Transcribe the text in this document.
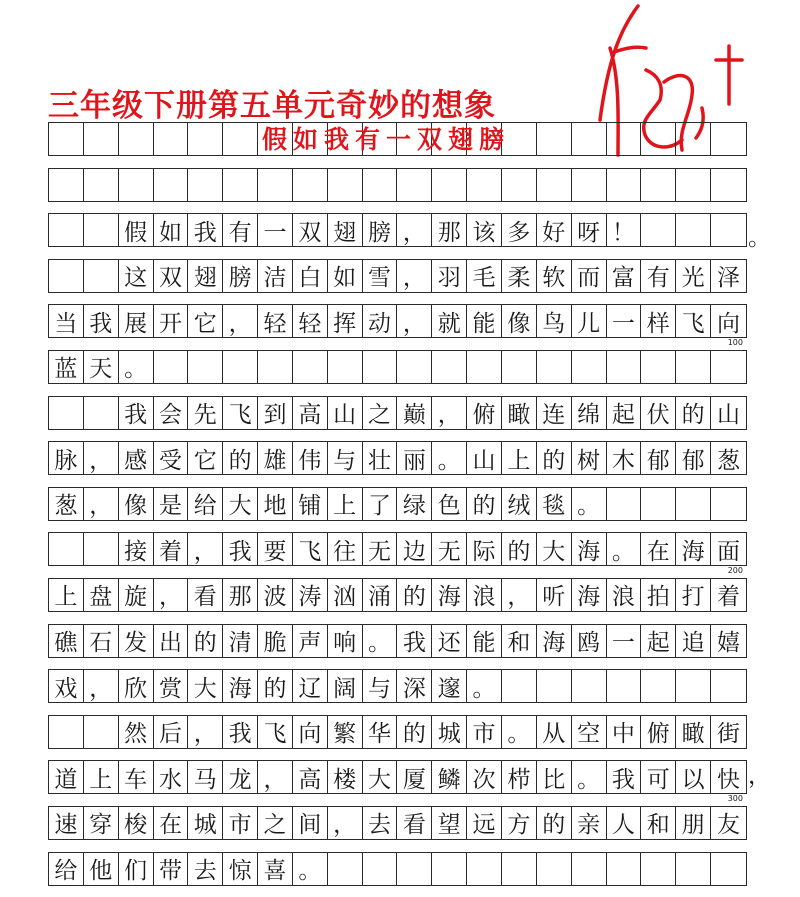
三年级下册第五单元奇妙的想象
假 如 我 有 一 双 翅 膀 ， 那 该 多 好 呀 ！
这 双 翅 膀 洁 白 如 雪 ， 羽 毛 柔 软 而 富 有 光 泽
当 我 展 开 它 ， 轻 轻 挥 动 ， 就 能 像 鸟 儿 一 样 飞 向
蓝 天 。
我 会 先 飞 到 高 山 之 巅 ， 俯 瞰 连 绵 起 伏 的 山
脉 ， 感 受 它 的 雄 伟 与 壮 丽 。 山 上 的 树 木 郁 郁 葱
葱 ， 像 是 给 大 地 铺 上 了 绿 色 的 绒 毯 。
接 着 ， 我 要 飞 往 无 边 无 际 的 大 海 。 在 海 面
上 盘 旋 ， 看 那 波 涛 汹 涌 的 海 浪 ， 听 海 浪 拍 打 着
礁 石 发 出 的 清 脆 声 响 。 我 还 能 和 海 鸥 一 起 追 嬉
戏 ， 欣 赏 大 海 的 辽 阔 与 深 邃 。
然 后 ， 我 飞 向 繁 华 的 城 市 。 从 空 中 俯 瞰 街
道 上 车 水 马 龙 ， 高 楼 大 厦 鳞 次 栉 比 。 我 可 以 快
速 穿 梭 在 城 市 之 间 ， 去 看 望 远 方 的 亲 人 和 朋 友
给 他 们 带 去 惊 喜 。
假如我有一双翅膀
100
200
300
。
，
